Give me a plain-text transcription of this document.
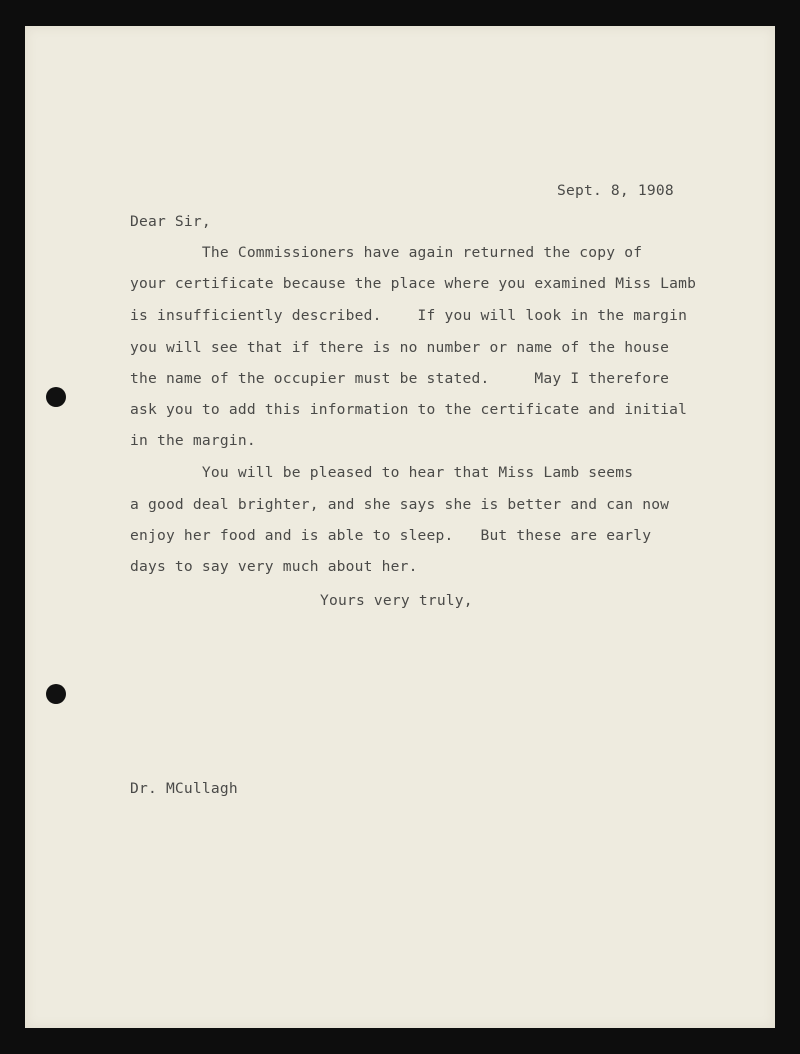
Sept. 8, 1908
Dear Sir,
The Commissioners have again returned the copy of
your certificate because the place where you examined Miss Lamb
is insufficiently described.    If you will look in the margin
you will see that if there is no number or name of the house
the name of the occupier must be stated.     May I therefore
ask you to add this information to the certificate and initial
in the margin.
You will be pleased to hear that Miss Lamb seems
a good deal brighter, and she says she is better and can now
enjoy her food and is able to sleep.   But these are early
days to say very much about her.
Yours very truly,
Dr. MCullagh
